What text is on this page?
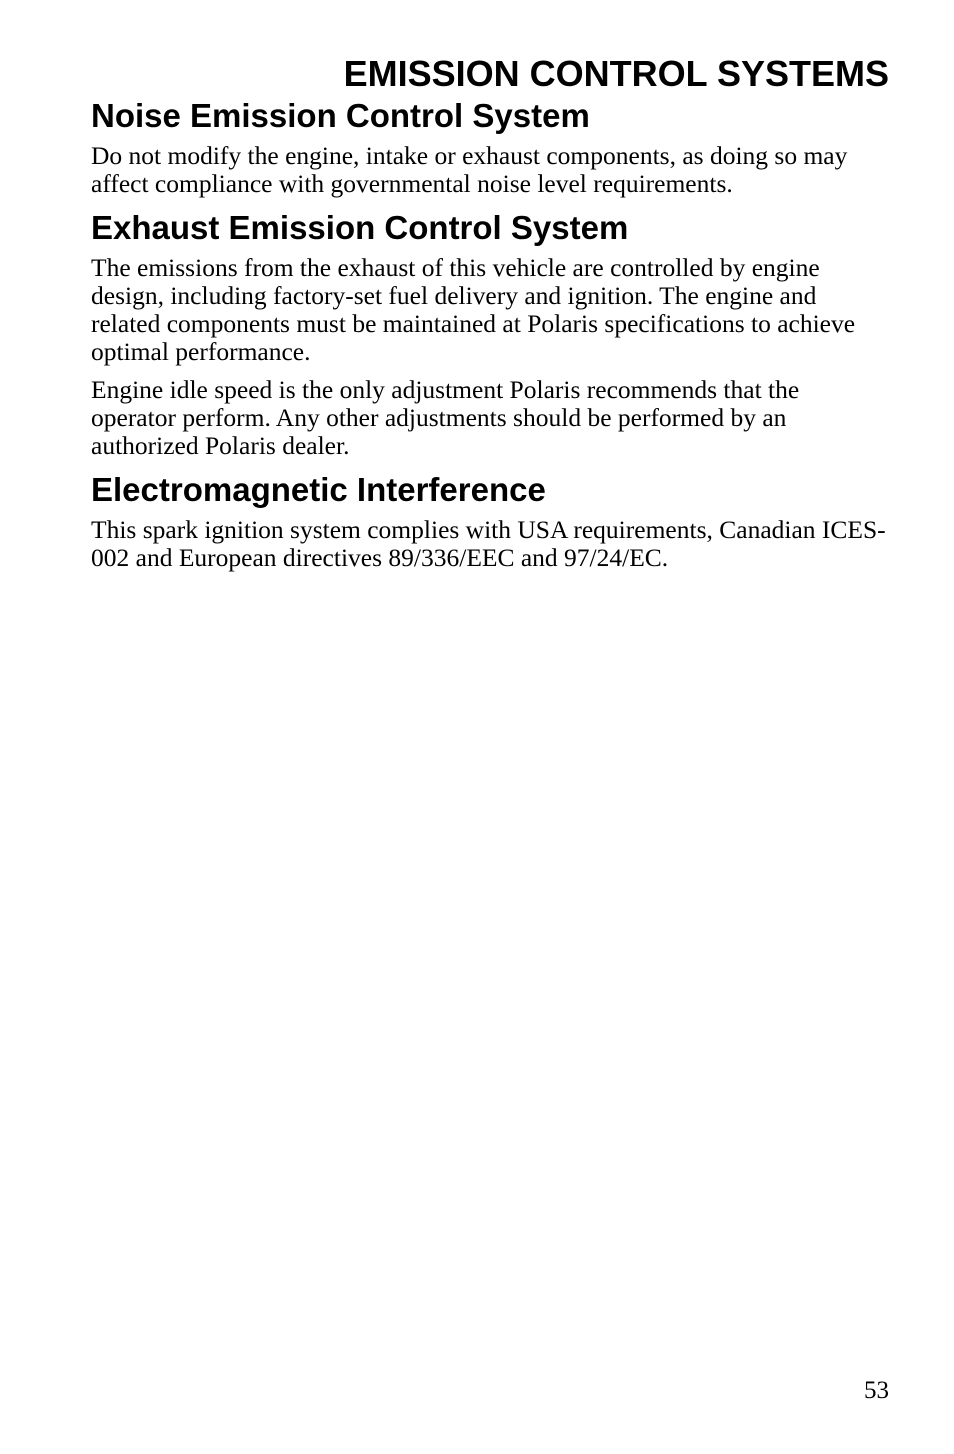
EMISSION CONTROL SYSTEMS
Noise Emission Control System

Do not modify the engine, intake or exhaust components, as doing so may affect compliance with governmental noise level requirements.

Exhaust Emission Control System

The emissions from the exhaust of this vehicle are controlled by engine design, including factory-set fuel delivery and ignition. The engine and related components must be maintained at Polaris specifications to achieve optimal performance.

Engine idle speed is the only adjustment Polaris recommends that the operator perform. Any other adjustments should be performed by an authorized Polaris dealer.

Electromagnetic Interference

This spark ignition system complies with USA requirements, Canadian ICES-002 and European directives 89/336/EEC and 97/24/EC.

53
